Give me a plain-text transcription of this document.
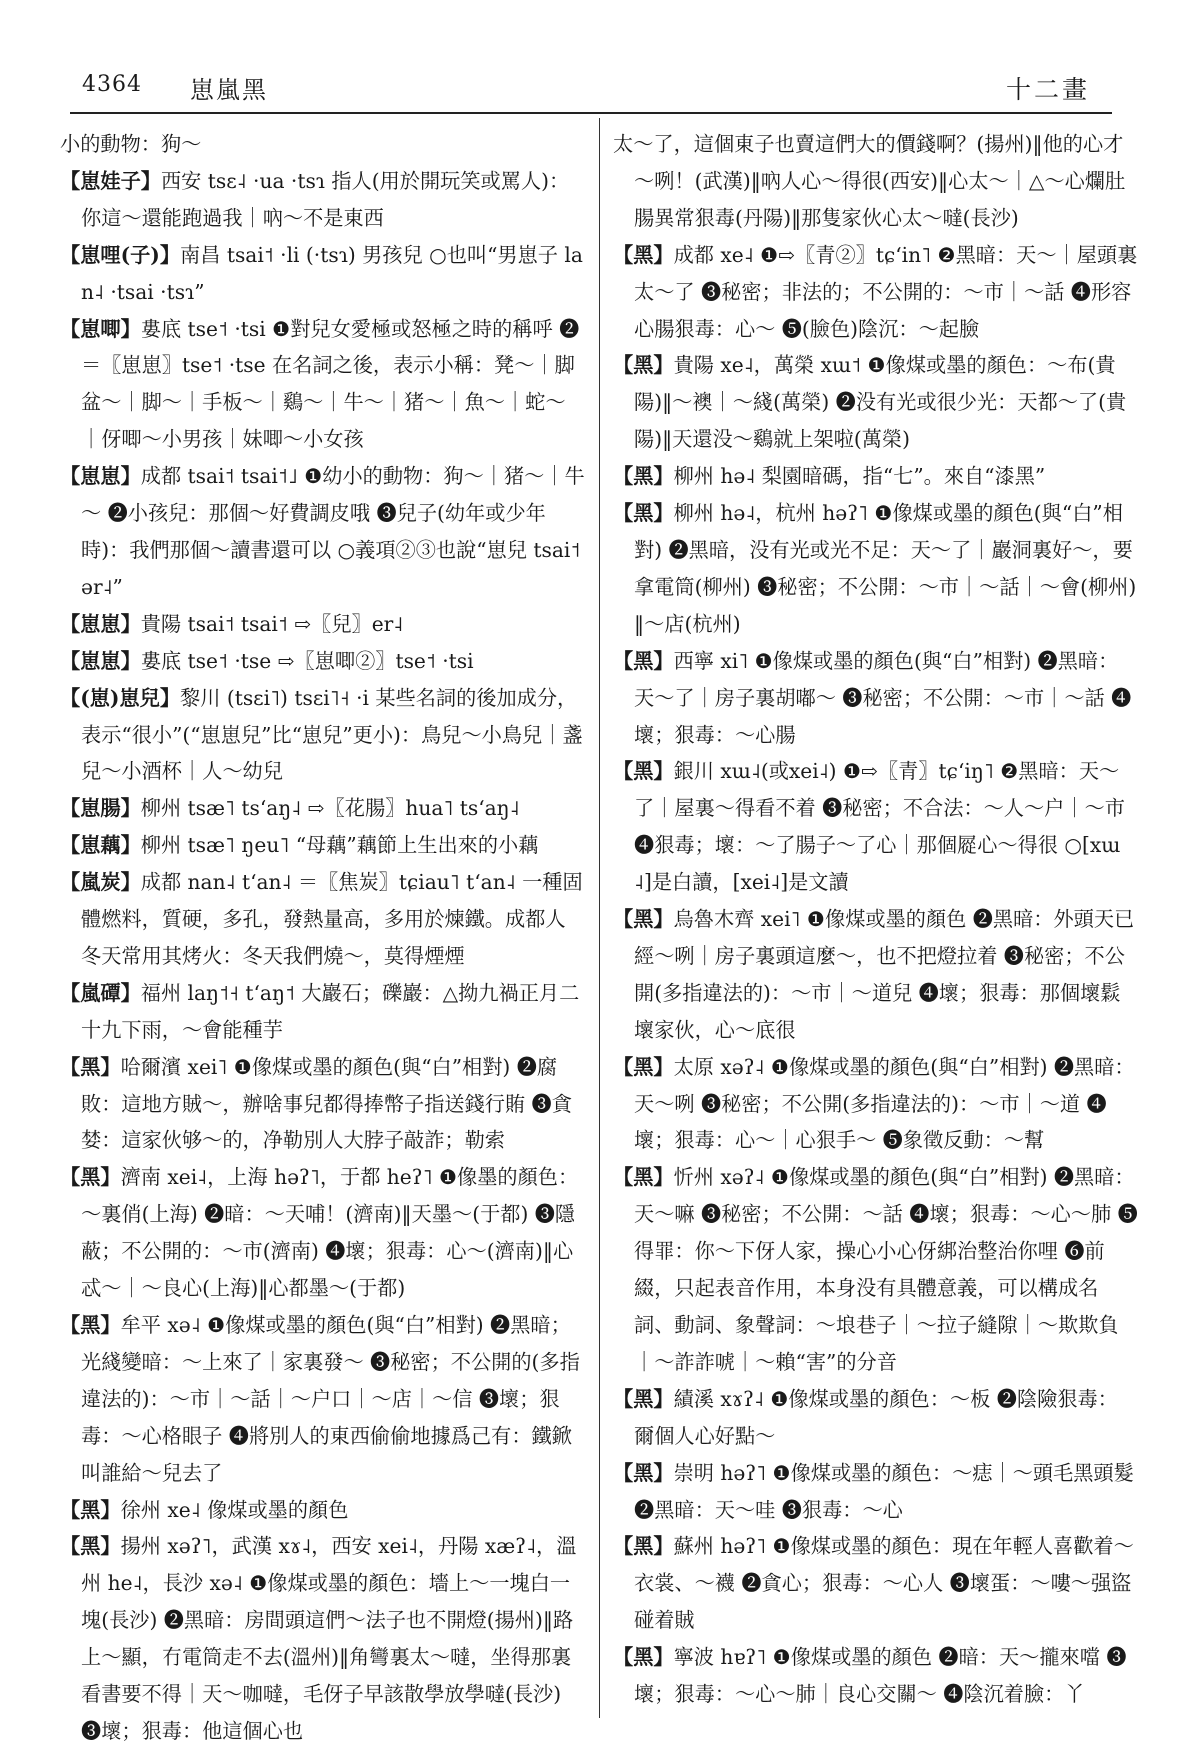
4364 崽嵐黑	十二畫

小的動物：狗～

【崽娃子】西安 tsɛ˨ ·ua ·tsɿ 指人(用於開玩笑或罵人)：你這～還能跑過我｜吶～不是東西

【崽哩(子)】南昌 tsai˦ ·li (·tsɿ) 男孩兒 ○也叫“男崽子 lan˨ ·tsai ·tsɿ”

【崽唧】婁底 tse˦ ·tsi ❶對兒女愛極或怒極之時的稱呼 ❷＝〖崽崽〗tse˦ ·tse 在名詞之後，表示小稱：凳～｜脚盆～｜脚～｜手板～｜鷄～｜牛～｜猪～｜魚～｜蛇～｜伢唧～小男孩｜妹唧～小女孩

【崽崽】成都 tsai˦ tsai˦˩ ❶幼小的動物：狗～｜猪～｜牛～ ❷小孩兒：那個～好費調皮哦 ❸兒子(幼年或少年時)：我們那個～讀書還可以 ○義項②③也說“崽兒 tsai˦ ər˨”

【崽崽】貴陽 tsai˦ tsai˦ ⇨〖兒〗er˨

【崽崽】婁底 tse˦ ·tse ⇨〖崽唧②〗tse˦ ·tsi

【(崽)崽兒】黎川 (tsɛi˥) tsɛi˥˧ ·i 某些名詞的後加成分，表示“很小”(“崽崽兒”比“崽兒”更小)：鳥兒～小鳥兒｜盞兒～小酒杯｜人～幼兒

【崽腸】柳州 tsæ˥ tsʻaŋ˨ ⇨〖花腸〗hua˥ tsʻaŋ˨

【崽藕】柳州 tsæ˥ ŋeu˥ “母藕”藕節上生出來的小藕

【嵐炭】成都 nan˨ tʻan˨ ＝〖焦炭〗tɕiau˥ tʻan˨ 一種固體燃料，質硬，多孔，發熱量高，多用於煉鐵。成都人冬天常用其烤火：冬天我們燒～，莫得煙煙

【嵐磹】福州 laŋ˦˧ tʻaŋ˦ 大巖石；礫巖：△拗九禍正月二十九下雨，～會能種芋

【黑】哈爾濱 xei˥ ❶像煤或墨的顏色(與“白”相對) ❷腐敗：這地方賊～，辦啥事兒都得捧幣子指送錢行賄 ❸貪婪：這家伙够～的，净勒別人大脖子敲詐；勒索

【黑】濟南 xei˨，上海 həʔ˥，于都 heʔ˥ ❶像墨的顏色：～裏俏(上海) ❷暗：～天哺！(濟南)‖天墨～(于都) ❸隱蔽；不公開的：～市(濟南) ❹壞；狠毒：心～(濟南)‖心忒～｜～良心(上海)‖心都墨～(于都)

【黑】牟平 xə˨ ❶像煤或墨的顏色(與“白”相對) ❷黑暗；光綫變暗：～上來了｜家裏發～ ❸秘密；不公開的(多指違法的)：～市｜～話｜～户口｜～店｜～信 ❸壞；狠毒：～心格眼子 ❹將別人的東西偷偷地據爲己有：鐵鍁叫誰給～兒去了

【黑】徐州 xe˨ 像煤或墨的顏色

【黑】揚州 xəʔ˥，武漢 xɤ˨，西安 xei˨，丹陽 xæʔ˨，溫州 he˨，長沙 xə˨ ❶像煤或墨的顏色：墻上～一塊白一塊(長沙) ❷黑暗：房間頭這們～法子也不開燈(揚州)‖路上～顯，冇電筒走不去(溫州)‖角彎裏太～噠，坐得那裏看書要不得｜天～咖噠，毛伢子早該散學放學噠(長沙) ❸壞；狠毒：他這個心也

太～了，這個東子也賣這們大的價錢啊？(揚州)‖他的心才～咧！(武漢)‖吶人心～得很(西安)‖心太～｜△～心爛肚腸異常狠毒(丹陽)‖那隻家伙心太～噠(長沙)

【黑】成都 xe˨ ❶⇨〖青②〗tɕʻin˥ ❷黑暗：天～｜屋頭裏太～了 ❸秘密；非法的；不公開的：～市｜～話 ❹形容心腸狠毒：心～ ❺(臉色)陰沉：～起臉

【黑】貴陽 xe˨，萬榮 xɯ˦ ❶像煤或墨的顏色：～布(貴陽)‖～襖｜～綫(萬榮) ❷没有光或很少光：天都～了(貴陽)‖天還没～鷄就上架啦(萬榮)

【黑】柳州 hə˨ 梨園暗碼，指“七”。來自“漆黑”

【黑】柳州 hə˨，杭州 həʔ˥ ❶像煤或墨的顏色(與“白”相對) ❷黑暗，没有光或光不足：天～了｜巖洞裏好～，要拿電筒(柳州) ❸秘密；不公開：～市｜～話｜～會(柳州)‖～店(杭州)

【黑】西寧 xi˥ ❶像煤或墨的顏色(與“白”相對) ❷黑暗：天～了｜房子裏胡嘟～ ❸秘密；不公開：～市｜～話 ❹壞；狠毒：～心腸

【黑】銀川 xɯ˨(或xei˨) ❶⇨〖青〗tɕʻiŋ˥ ❷黑暗：天～了｜屋裏～得看不着 ❸秘密；不合法：～人～户｜～市 ❹狠毒；壞：～了腸子～了心｜那個㞞心～得很 ○[xɯ˨]是白讀，[xei˨]是文讀

【黑】烏魯木齊 xei˥ ❶像煤或墨的顏色 ❷黑暗：外頭天已經～咧｜房子裏頭這麼～，也不把燈拉着 ❸秘密；不公開(多指違法的)：～市｜～道兒 ❹壞；狠毒：那個壞鬏壞家伙，心～底很

【黑】太原 xəʔ˨ ❶像煤或墨的顏色(與“白”相對) ❷黑暗：天～咧 ❸秘密；不公開(多指違法的)：～市｜～道 ❹壞；狠毒：心～｜心狠手～ ❺象徵反動：～幫

【黑】忻州 xəʔ˨ ❶像煤或墨的顏色(與“白”相對) ❷黑暗：天～嘛 ❸秘密；不公開：～話 ❹壞；狠毒：～心～肺 ❺得罪：你～下伢人家，操心小心伢綁治整治你哩 ❻前綴，只起表音作用，本身没有具體意義，可以構成名詞、動詞、象聲詞：～埌巷子｜～拉子縫隙｜～欺欺負｜～詐詐唬｜～賴“害”的分音

【黑】績溪 xɤʔ˨ ❶像煤或墨的顏色：～板 ❷陰險狠毒：爾個人心好點～

【黑】崇明 həʔ˥ ❶像煤或墨的顏色：～痣｜～頭毛黑頭髮 ❷黑暗：天～哇 ❸狠毒：～心

【黑】蘇州 həʔ˥ ❶像煤或墨的顏色：現在年輕人喜歡着～ 衣裳、～襪 ❷貪心；狠毒：～心人 ❸壞蛋：～嘍～强盜碰着賊

【黑】寧波 hɐʔ˥ ❶像煤或墨的顏色 ❷暗：天～攏來噹 ❸壞；狠毒：～心～肺｜良心交關～ ❹陰沉着臉：丫
